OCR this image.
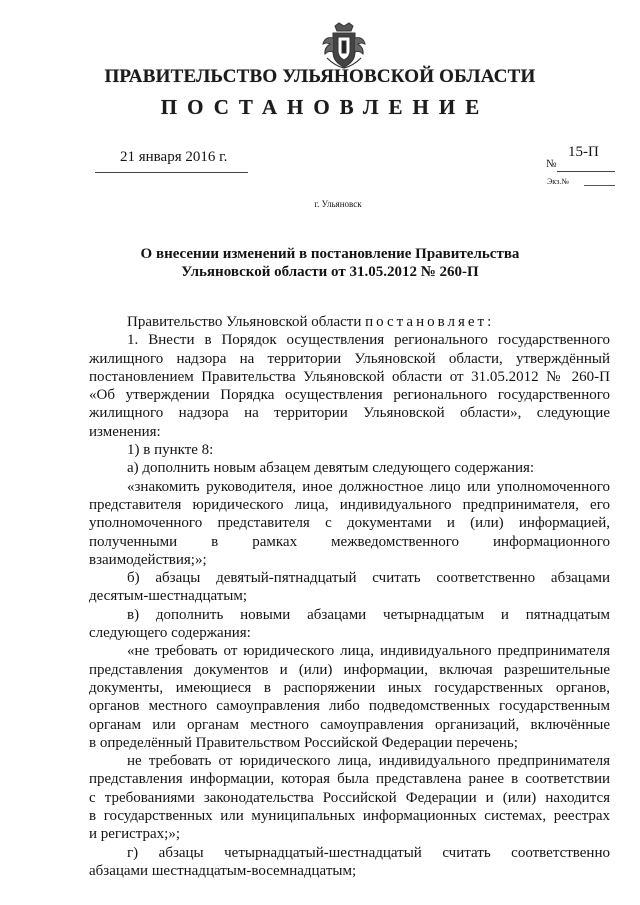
ПРАВИТЕЛЬСТВО УЛЬЯНОВСКОЙ ОБЛАСТИ
ПОСТАНОВЛЕНИЕ
21 января 2016 г.	15-П
№
Экз.№
г. Ульяновск
О внесении изменений в постановление Правительства
Ульяновской области от 31.05.2012 № 260-П

Правительство Ульяновской области постановляет:

1. Внести в Порядок осуществления регионального государственного

жилищного надзора на территории Ульяновской области, утверждённый

постановлением Правительства Ульяновской области от 31.05.2012 № 260-П

«Об утверждении Порядка осуществления регионального государственного

жилищного надзора на территории Ульяновской области», следующие

изменения:

1) в пункте 8:

а) дополнить новым абзацем девятым следующего содержания:

«знакомить руководителя, иное должностное лицо или уполномоченного

представителя юридического лица, индивидуального предпринимателя, его

уполномоченного представителя с документами и (или) информацией,

полученными в рамках межведомственного информационного

взаимодействия;»;

б) абзацы девятый-пятнадцатый считать соответственно абзацами

десятым-шестнадцатым;

в) дополнить новыми абзацами четырнадцатым и пятнадцатым

следующего содержания:

«не требовать от юридического лица, индивидуального предпринимателя

представления документов и (или) информации, включая разрешительные

документы, имеющиеся в распоряжении иных государственных органов,

органов местного самоуправления либо подведомственных государственным

органам или органам местного самоуправления организаций, включённые

в определённый Правительством Российской Федерации перечень;

не требовать от юридического лица, индивидуального предпринимателя

представления информации, которая была представлена ранее в соответствии

с требованиями законодательства Российской Федерации и (или) находится

в государственных или муниципальных информационных системах, реестрах

и регистрах;»;

г) абзацы четырнадцатый-шестнадцатый считать соответственно

абзацами шестнадцатым-восемнадцатым;
